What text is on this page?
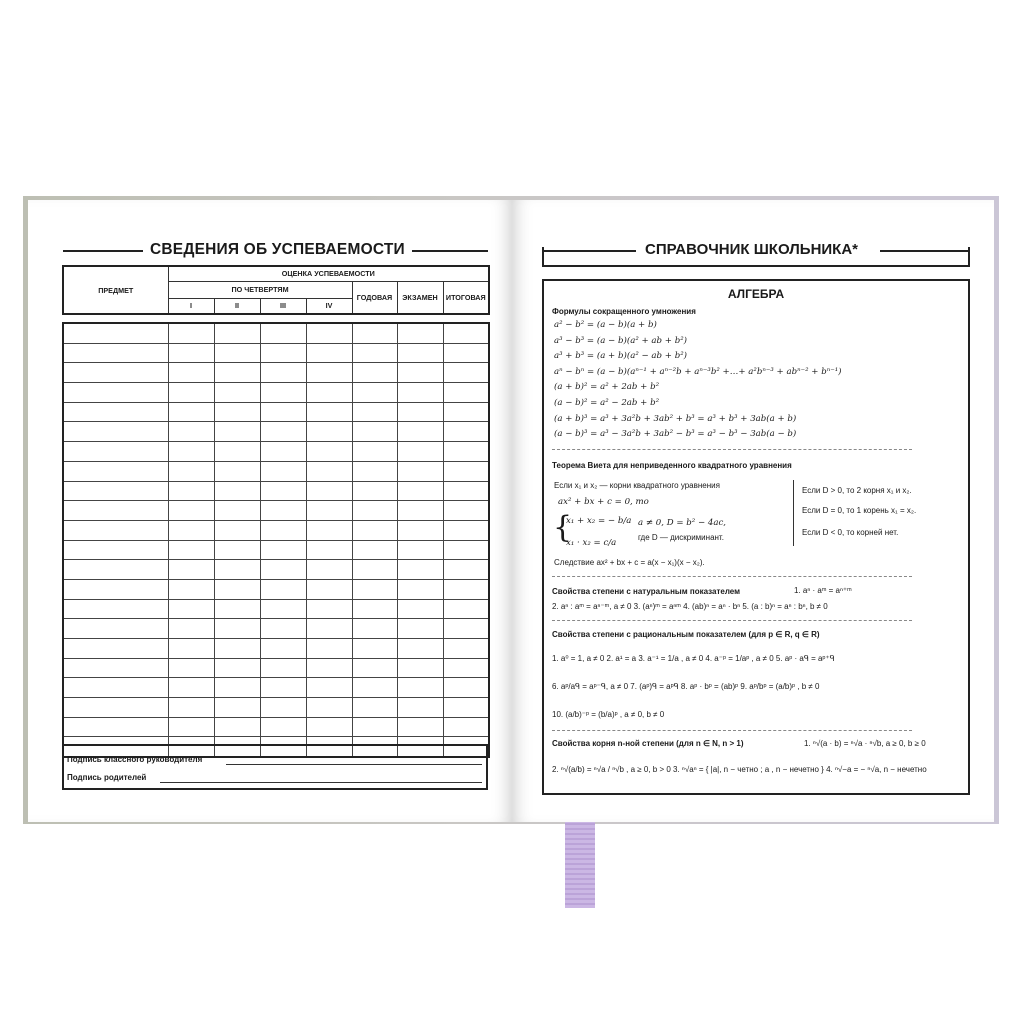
СВЕДЕНИЯ ОБ УСПЕВАЕМОСТИ
ПРЕДМЕТ	ОЦЕНКА УСПЕВАЕМОСТИ						
	ПО ЧЕТВЕРТЯМ				ГОДОВАЯ	ЭКЗАМЕН	ИТОГОВАЯ
	I	II	III	IV			

Подпись классного руководителя
Подпись родителей
СПРАВОЧНИК ШКОЛЬНИКА*
АЛГЕБРА
Формулы сокращенного умножения
a² − b² = (a − b)(a + b)
a³ − b³ = (a − b)(a² + ab + b²)
a³ + b³ = (a + b)(a² − ab + b²)
aⁿ − bⁿ = (a − b)(aⁿ⁻¹ + aⁿ⁻²b + aⁿ⁻³b² +…+ a²bⁿ⁻³ + abⁿ⁻² + bⁿ⁻¹)
(a + b)² = a² + 2ab + b²
(a − b)² = a² − 2ab + b²
(a + b)³ = a³ + 3a²b + 3ab² + b³ = a³ + b³ + 3ab(a + b)
(a − b)³ = a³ − 3a²b + 3ab² − b³ = a³ − b³ − 3ab(a − b)
Теорема Виета для неприведенного квадратного уравнения
Если x₁ и x₂ — корни квадратного уравнения
ax² + bx + c = 0, то
{
x₁ + x₂ = − b/a
x₁ · x₂ = c/a
a ≠ 0, D = b² − 4ac,
где D — дискриминант.
Следствие ax² + bx + c = a(x − x₁)(x − x₂).
Если D > 0, то 2 корня x₁ и x₂.
Если D = 0, то 1 корень x₁ = x₂.
Если D < 0, то корней нет.
Свойства степени с натуральным показателем	1. aⁿ · aᵐ = aⁿ⁺ᵐ
2. aⁿ : aᵐ = aⁿ⁻ᵐ, a ≠ 0 3. (aⁿ)ᵐ = aⁿᵐ 4. (ab)ⁿ = aⁿ · bⁿ 5. (a : b)ⁿ = aⁿ : bⁿ, b ≠ 0
Свойства степени с рациональным показателем (для p ∈ R, q ∈ R)
1. a⁰ = 1, a ≠ 0 2. a¹ = a 3. a⁻¹ = 1/a , a ≠ 0 4. a⁻ᵖ = 1/aᵖ , a ≠ 0 5. aᵖ · aᑫ = aᵖ⁺ᑫ
6. aᵖ/aᑫ = aᵖ⁻ᑫ, a ≠ 0 7. (aᵖ)ᑫ = aᵖᑫ 8. aᵖ · bᵖ = (ab)ᵖ 9. aᵖ/bᵖ = (a/b)ᵖ , b ≠ 0
10. (a/b)⁻ᵖ = (b/a)ᵖ , a ≠ 0, b ≠ 0
Свойства корня n-ной степени (для n ∈ N, n > 1)	1. ⁿ√(a · b) = ⁿ√a · ⁿ√b, a ≥ 0, b ≥ 0
2. ⁿ√(a/b) = ⁿ√a / ⁿ√b , a ≥ 0, b > 0 3. ⁿ√aⁿ = { |a|, n − четно ; a , n − нечетно } 4. ⁿ√−a = − ⁿ√a, n − нечетно
